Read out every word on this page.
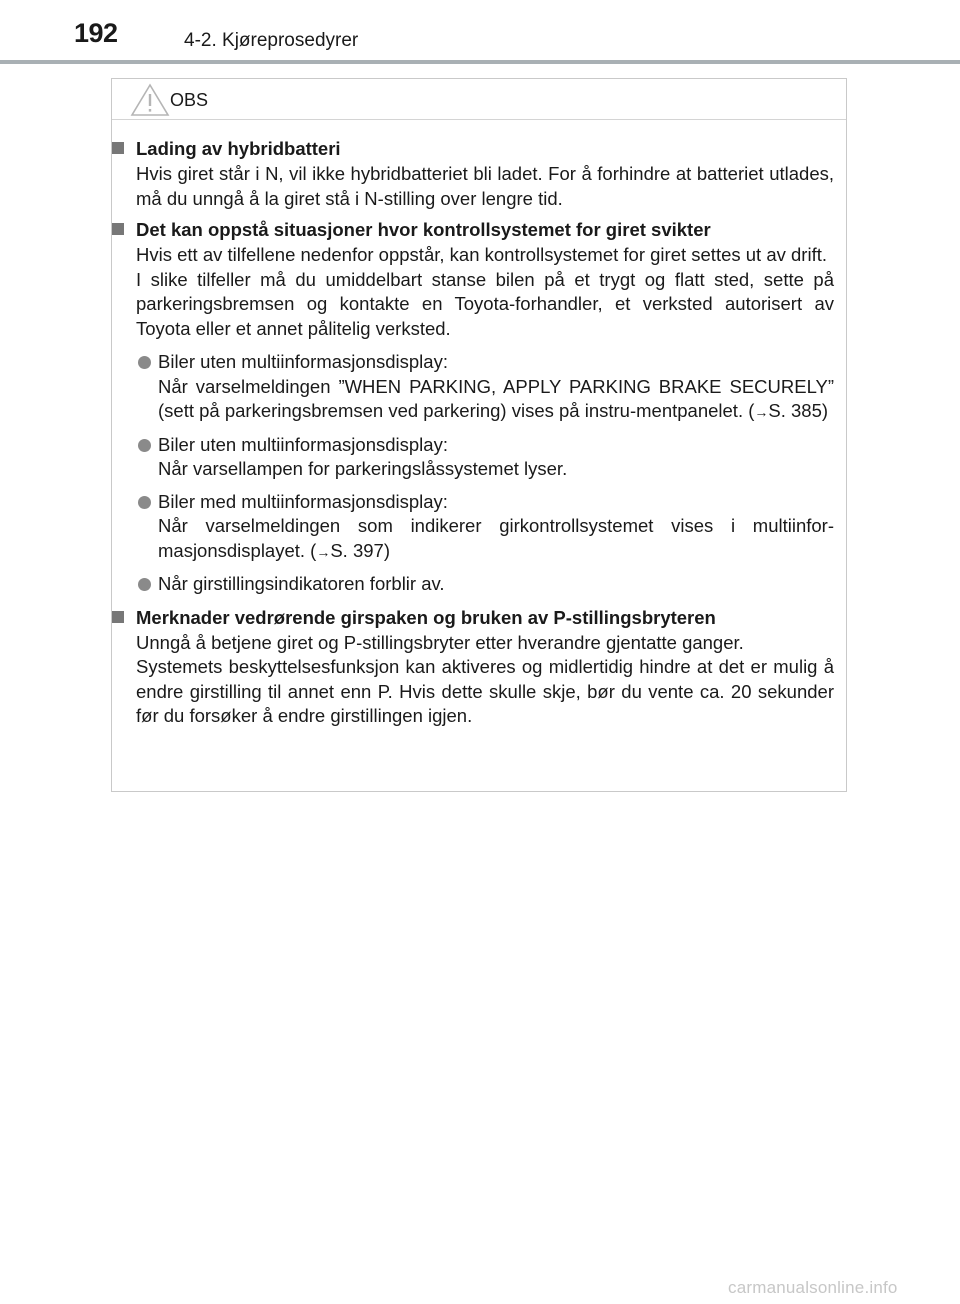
192	4-2. Kjøreprosedyrer
OBS
Lading av hybridbatteri

Hvis giret står i N, vil ikke hybridbatteriet bli ladet. For å forhindre at batteriet utlades, må du unngå å la giret stå i N-stilling over lengre tid.

Det kan oppstå situasjoner hvor kontrollsystemet for giret svikter

Hvis ett av tilfellene nedenfor oppstår, kan kontrollsystemet for giret settes ut av drift.

I slike tilfeller må du umiddelbart stanse bilen på et trygt og flatt sted, sette på parkeringsbremsen og kontakte en Toyota-forhandler, et verksted autorisert av Toyota eller et annet pålitelig verksted.

Biler uten multiinformasjonsdisplay:
Når varselmeldingen ”WHEN PARKING, APPLY PARKING BRAKE SECURELY” (sett på parkeringsbremsen ved parkering) vises på instru-mentpanelet. (→S. 385)
Biler uten multiinformasjonsdisplay:
Når varsellampen for parkeringslåssystemet lyser.
Biler med multiinformasjonsdisplay:
Når varselmeldingen som indikerer girkontrollsystemet vises i multiinfor-masjonsdisplayet. (→S. 397)
Når girstillingsindikatoren forblir av.
Merknader vedrørende girspaken og bruken av P-stillingsbryteren

Unngå å betjene giret og P-stillingsbryter etter hverandre gjentatte ganger.

Systemets beskyttelsesfunksjon kan aktiveres og midlertidig hindre at det er mulig å endre girstilling til annet enn P. Hvis dette skulle skje, bør du vente ca. 20 sekunder før du forsøker å endre girstillingen igjen.

carmanualsonline.info
